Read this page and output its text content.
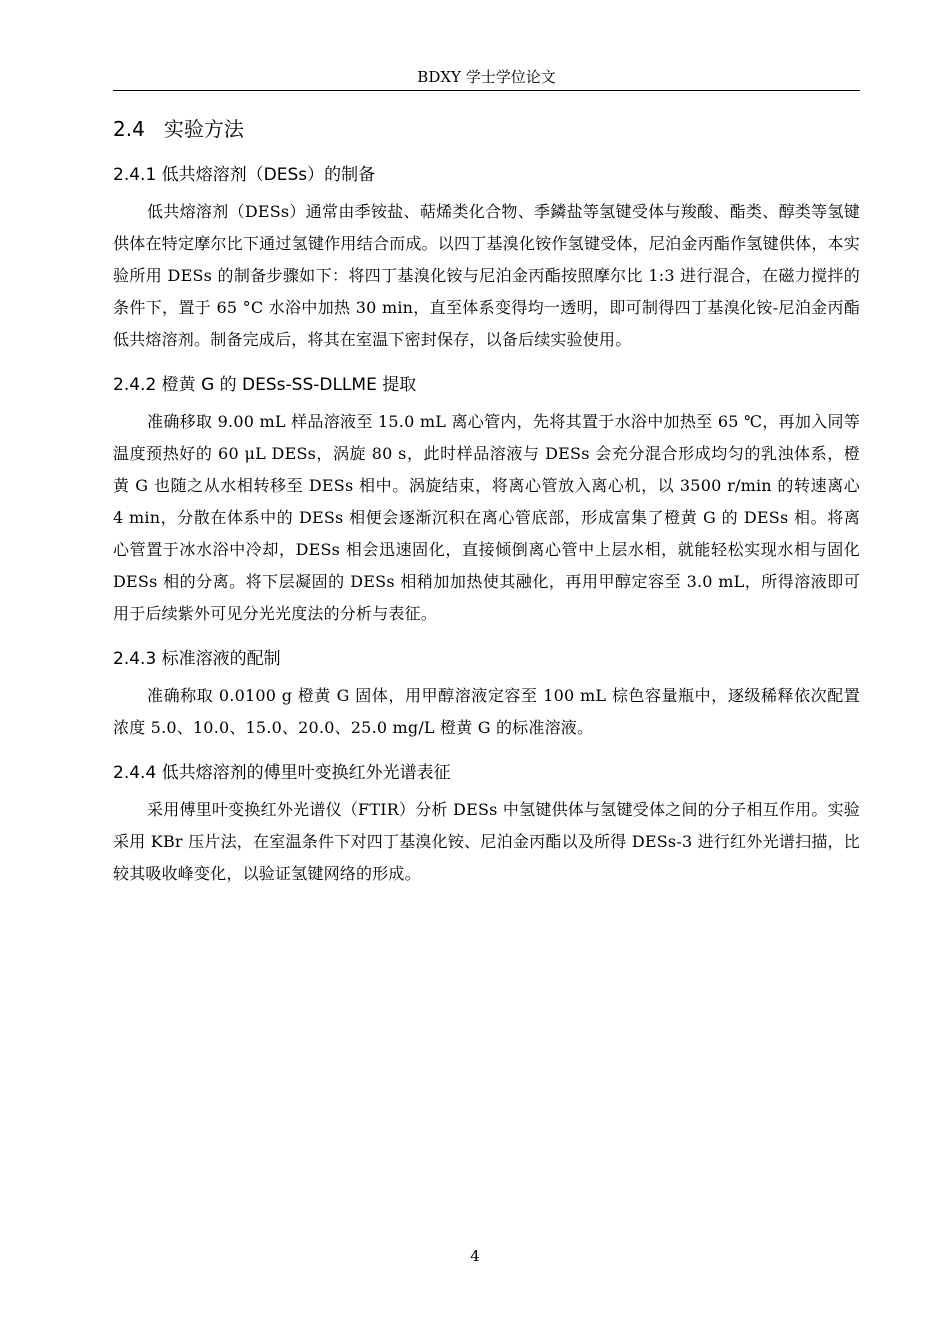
BDXY 学士学位论文
2.4   实验方法
2.4.1 低共熔溶剂（DESs）的制备

低共熔溶剂（DESs）通常由季铵盐、萜烯类化合物、季鏻盐等氢键受体与羧酸、酯类、醇类等氢键供体在特定摩尔比下通过氢键作用结合而成。以四丁基溴化铵作氢键受体，尼泊金丙酯作氢键供体，本实验所用 DESs 的制备步骤如下：将四丁基溴化铵与尼泊金丙酯按照摩尔比 1:3 进行混合，在磁力搅拌的条件下，置于 65 °C 水浴中加热 30 min，直至体系变得均一透明，即可制得四丁基溴化铵-尼泊金丙酯低共熔溶剂。制备完成后，将其在室温下密封保存，以备后续实验使用。

2.4.2 橙黄 G 的 DESs-SS-DLLME 提取

准确移取 9.00 mL 样品溶液至 15.0 mL 离心管内，先将其置于水浴中加热至 65 ℃，再加入同等温度预热好的 60 μL DESs，涡旋 80 s，此时样品溶液与 DESs 会充分混合形成均匀的乳浊体系，橙黄 G 也随之从水相转移至 DESs 相中。涡旋结束，将离心管放入离心机，以 3500 r/min 的转速离心 4 min，分散在体系中的 DESs 相便会逐渐沉积在离心管底部，形成富集了橙黄 G 的 DESs 相。将离心管置于冰水浴中冷却，DESs 相会迅速固化，直接倾倒离心管中上层水相，就能轻松实现水相与固化 DESs 相的分离。将下层凝固的 DESs 相稍加加热使其融化，再用甲醇定容至 3.0 mL，所得溶液即可用于后续紫外可见分光光度法的分析与表征。

2.4.3 标准溶液的配制

准确称取 0.0100 g 橙黄 G 固体，用甲醇溶液定容至 100 mL 棕色容量瓶中，逐级稀释依次配置浓度 5.0、10.0、15.0、20.0、25.0 mg/L 橙黄 G 的标准溶液。

2.4.4 低共熔溶剂的傅里叶变换红外光谱表征

采用傅里叶变换红外光谱仪（FTIR）分析 DESs 中氢键供体与氢键受体之间的分子相互作用。实验采用 KBr 压片法，在室温条件下对四丁基溴化铵、尼泊金丙酯以及所得 DESs-3 进行红外光谱扫描，比较其吸收峰变化，以验证氢键网络的形成。

4
